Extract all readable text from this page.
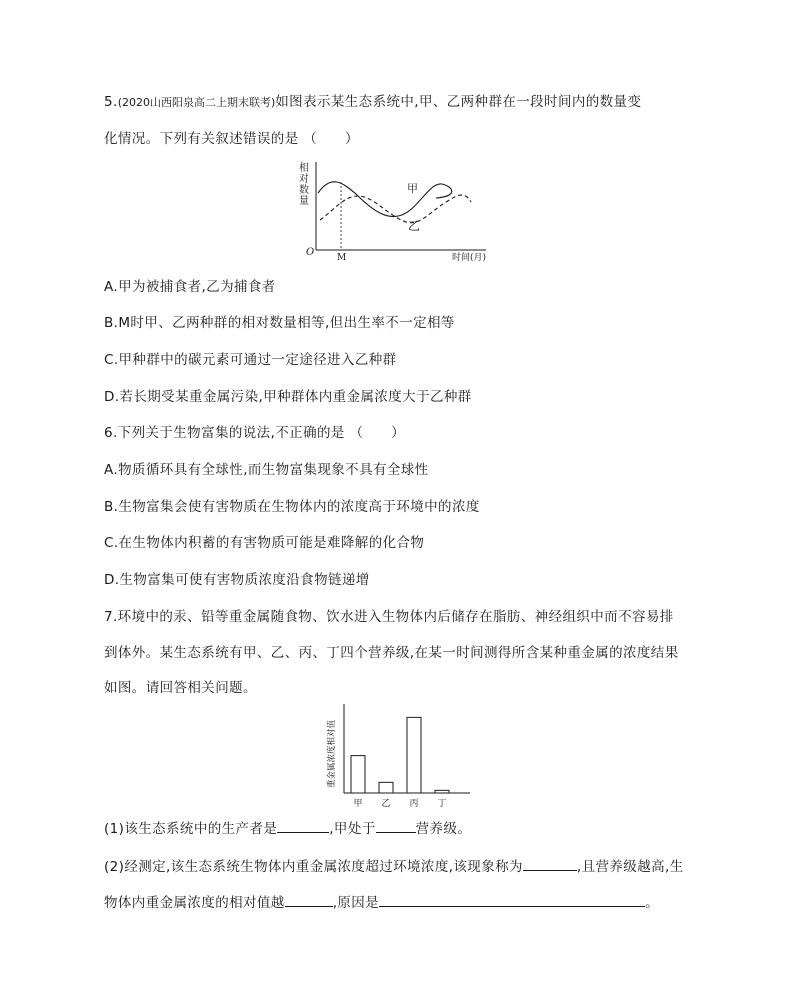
5.(2020山西阳泉高二上期末联考)如图表示某生态系统中,甲、乙两种群在一段时间内的数量变
化情况。下列有关叙述错误的是 （　　）
相
对
数
量
O	M
甲
乙
时间(月)
A.甲为被捕食者,乙为捕食者
B.M时甲、乙两种群的相对数量相等,但出生率不一定相等
C.甲种群中的碳元素可通过一定途径进入乙种群
D.若长期受某重金属污染,甲种群体内重金属浓度大于乙种群
6.下列关于生物富集的说法,不正确的是 （　　）
A.物质循环具有全球性,而生物富集现象不具有全球性
B.生物富集会使有害物质在生物体内的浓度高于环境中的浓度
C.在生物体内积蓄的有害物质可能是难降解的化合物
D.生物富集可使有害物质浓度沿食物链递增
7.环境中的汞、铅等重金属随食物、饮水进入生物体内后储存在脂肪、神经组织中而不容易排
到体外。某生态系统有甲、乙、丙、丁四个营养级,在某一时间测得所含某种重金属的浓度结果
如图。请回答相关问题。
重金属浓度相对值
甲 乙 丙 丁
(1)该生态系统中的生产者是	,甲处于	营养级。
(2)经测定,该生态系统生物体内重金属浓度超过环境浓度,该现象称为	,且营养级越高,生
物体内重金属浓度的相对值越	,原因是	。
